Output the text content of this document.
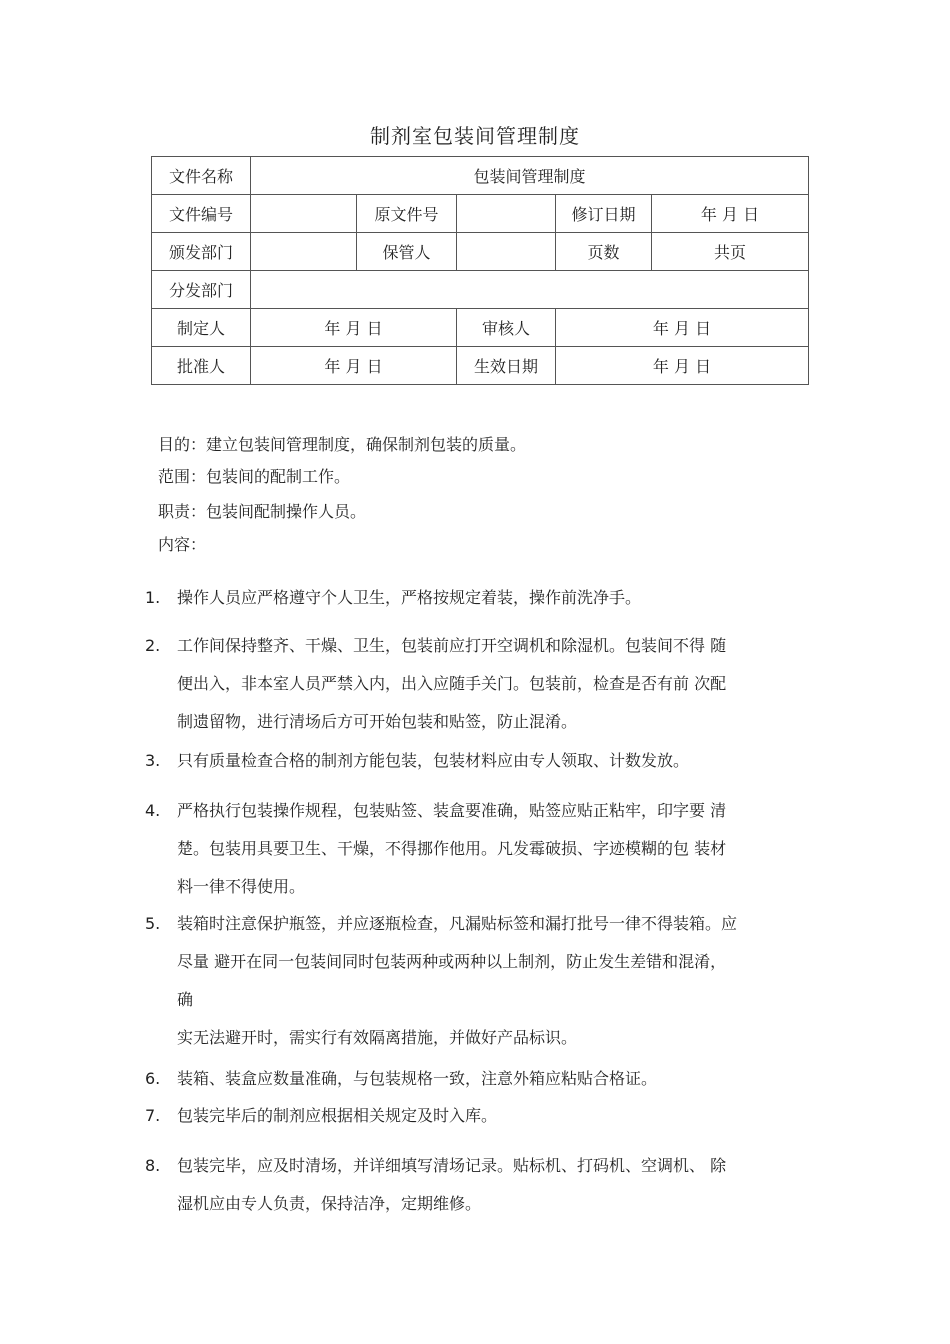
制剂室包装间管理制度
文件名称	包装间管理制度				
文件编号		原文件号		修订日期	年 月 日
颁发部门		保管人		页数	共页
分发部门					
制定人	年 月 日		审核人	年 月 日	
批准人	年 月 日		生效日期	年 月 日	
目的：建立包装间管理制度，确保制剂包装的质量。
范围：包装间的配制工作。
职责：包装间配制操作人员。
内容：
1. 操作人员应严格遵守个人卫生，严格按规定着装，操作前洗净手。
2. 工作间保持整齐、干燥、卫生，包装前应打开空调机和除湿机。包装间不得 随
便出入，非本室人员严禁入内，出入应随手关门。包装前，检查是否有前 次配
制遗留物，进行清场后方可开始包装和贴签，防止混淆。
3. 只有质量检查合格的制剂方能包装，包装材料应由专人领取、计数发放。
4. 严格执行包装操作规程，包装贴签、装盒要准确，贴签应贴正粘牢，印字要 清
楚。包装用具要卫生、干燥，不得挪作他用。凡发霉破损、字迹模糊的包 装材
料一律不得使用。
5. 装箱时注意保护瓶签，并应逐瓶检查，凡漏贴标签和漏打批号一律不得装箱。应
尽量 避开在同一包装间同时包装两种或两种以上制剂，防止发生差错和混淆，
确
实无法避开时，需实行有效隔离措施，并做好产品标识。
6. 装箱、装盒应数量准确，与包装规格一致，注意外箱应粘贴合格证。
7. 包装完毕后的制剂应根据相关规定及时入库。
8. 包装完毕，应及时清场，并详细填写清场记录。贴标机、打码机、空调机、 除
湿机应由专人负责，保持洁净，定期维修。
